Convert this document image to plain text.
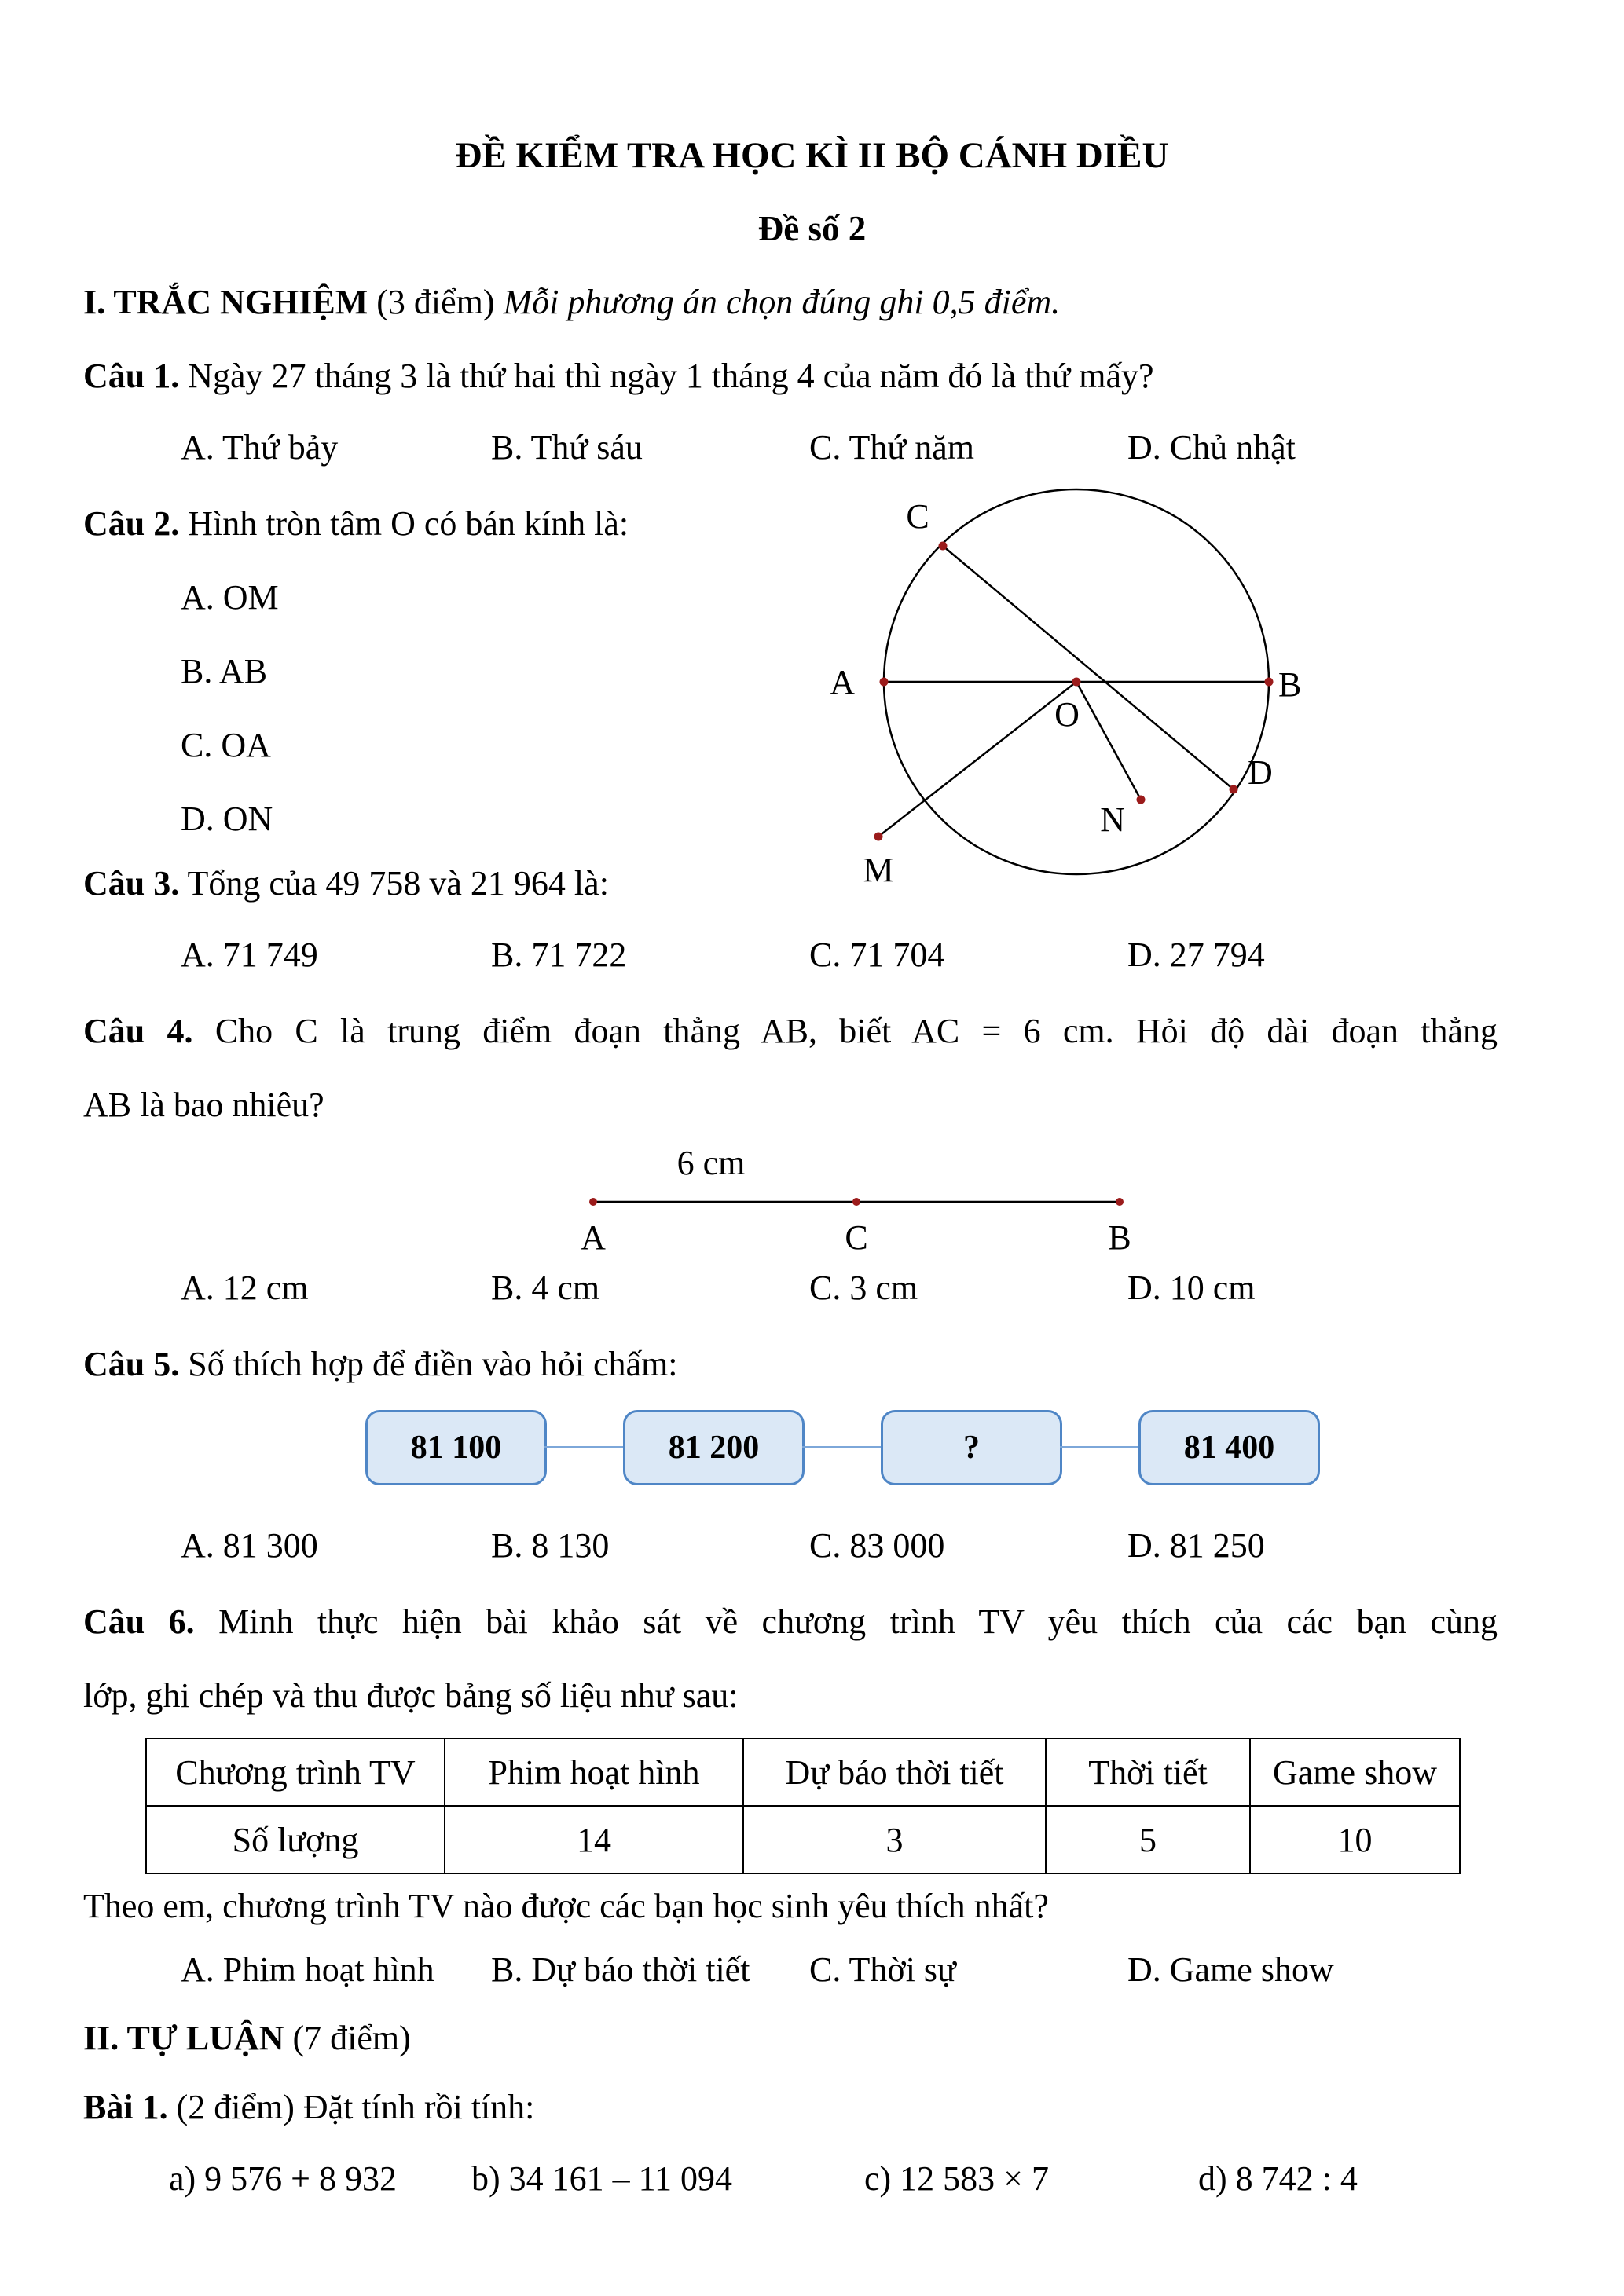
ĐỀ KIỂM TRA HỌC KÌ II BỘ CÁNH DIỀU
Đề số 2
I. TRẮC NGHIỆM (3 điểm) Mỗi phương án chọn đúng ghi 0,5 điểm.
Câu 1. Ngày 27 tháng 3 là thứ hai thì ngày 1 tháng 4 của năm đó là thứ mấy?
A. Thứ bảy	B. Thứ sáu	C. Thứ năm	D. Chủ nhật
Câu 2. Hình tròn tâm O có bán kính là:
A. OM
B. AB
C. OA
D. ON
A	B
C
D
O
N
M
Câu 3. Tổng của 49 758 và 21 964 là:
A. 71 749	B. 71 722	C. 71 704	D. 27 794
Câu 4. Cho C là trung điểm đoạn thẳng AB, biết AC = 6 cm. Hỏi độ dài đoạn thẳng
AB là bao nhiêu?
6 cm
A	C	B
A. 12 cm	B. 4 cm	C. 3 cm	D. 10 cm
Câu 5. Số thích hợp để điền vào hỏi chấm:
81 100	81 200	?	81 400
A. 81 300	B. 8 130	C. 83 000	D. 81 250
Câu 6. Minh thực hiện bài khảo sát về chương trình TV yêu thích của các bạn cùng
lớp, ghi chép và thu được bảng số liệu như sau:
Chương trình TV	Phim hoạt hình	Dự báo thời tiết	Thời tiết	Game show
Số lượng	14	3	5	10
Theo em, chương trình TV nào được các bạn học sinh yêu thích nhất?
A. Phim hoạt hình B. Dự báo thời tiết C. Thời sự	D. Game show
II. TỰ LUẬN (7 điểm)
Bài 1. (2 điểm) Đặt tính rồi tính:
a) 9 576 + 8 932 b) 34 161 – 11 094	c) 12 583 × 7	d) 8 742 : 4
